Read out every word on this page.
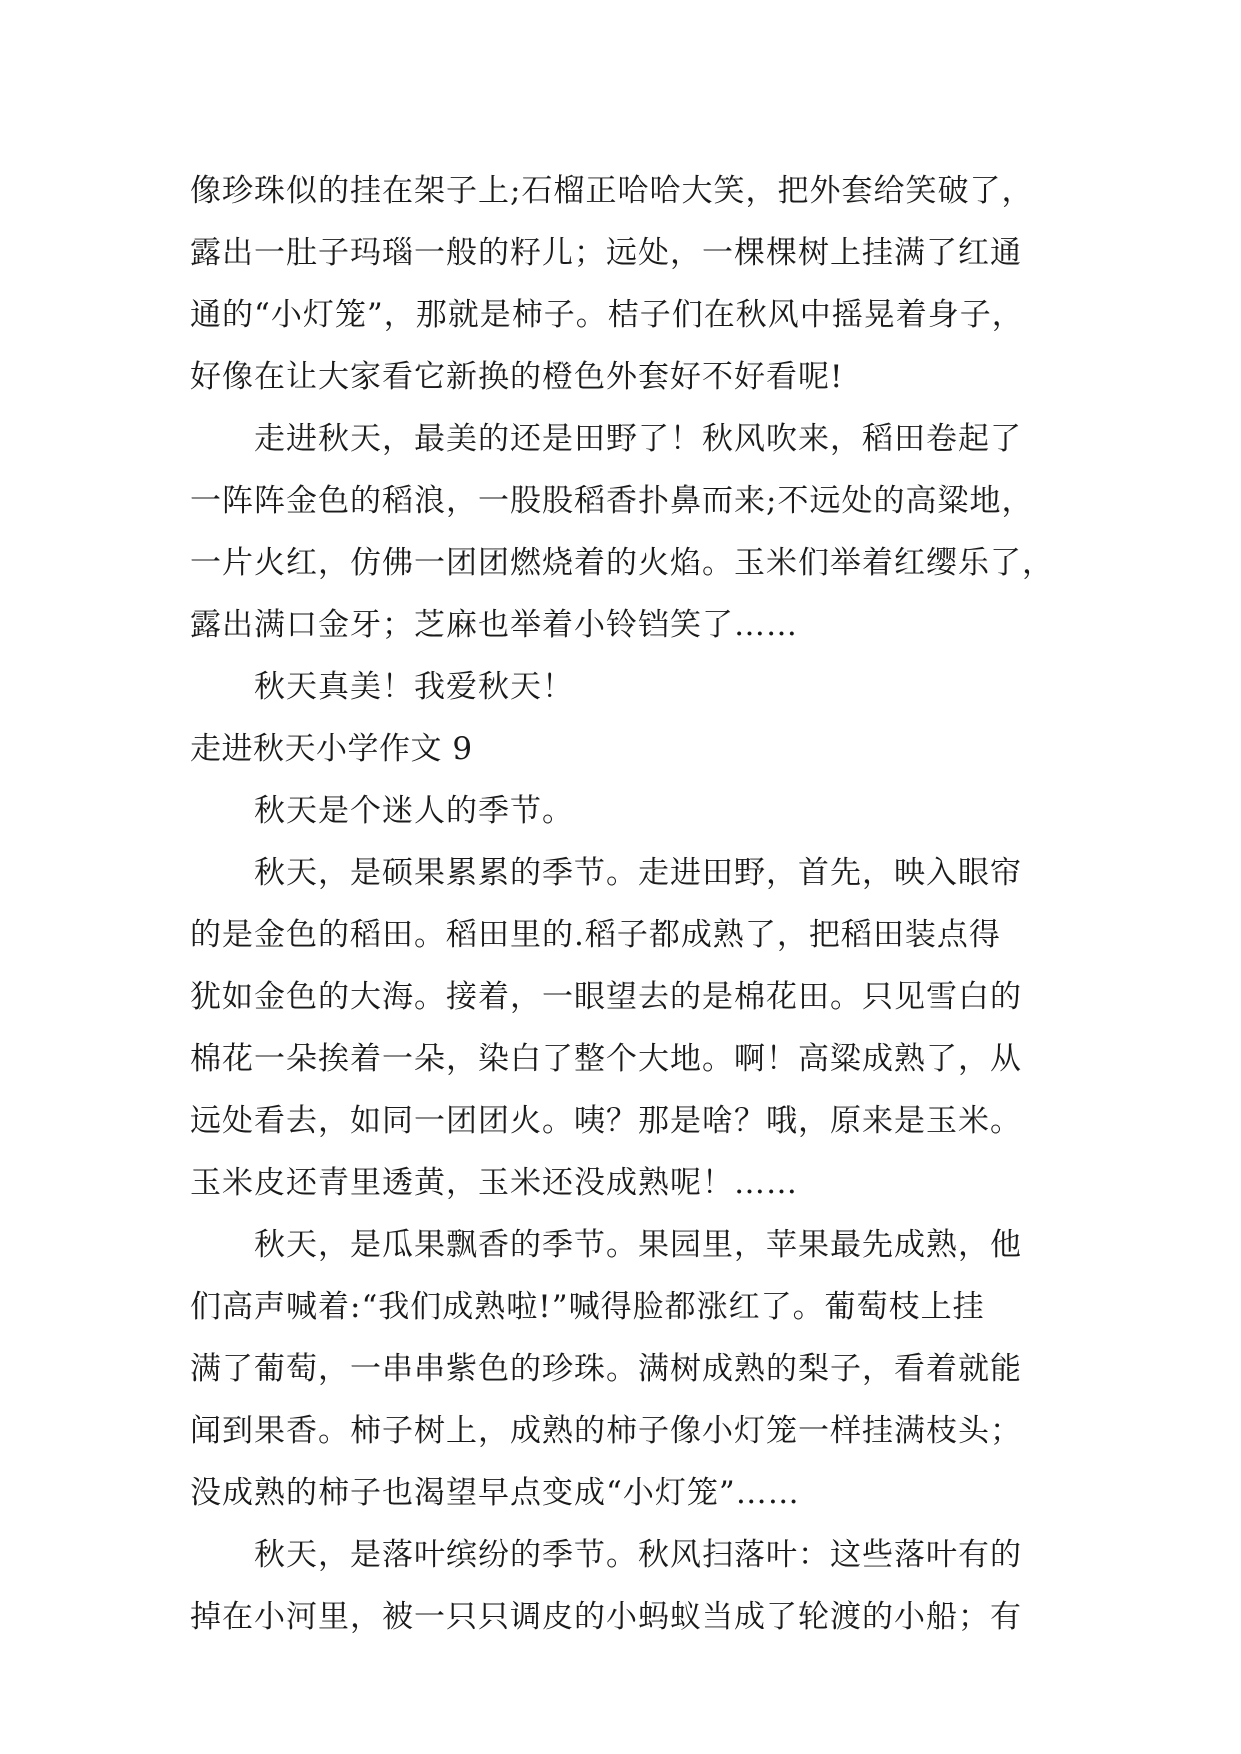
像珍珠似的挂在架子上;石榴正哈哈大笑，把外套给笑破了，
露出一肚子玛瑙一般的籽儿；远处，一棵棵树上挂满了红通
通的“小灯笼”，那就是柿子。桔子们在秋风中摇晃着身子，
好像在让大家看它新换的橙色外套好不好看呢!
走进秋天，最美的还是田野了！秋风吹来，稻田卷起了
一阵阵金色的稻浪，一股股稻香扑鼻而来;不远处的高粱地，
一片火红，仿佛一团团燃烧着的火焰。玉米们举着红缨乐了，
露出满口金牙；芝麻也举着小铃铛笑了……
秋天真美！我爱秋天！
走进秋天小学作文 9
秋天是个迷人的季节。
秋天，是硕果累累的季节。走进田野，首先，映入眼帘
的是金色的稻田。稻田里的.稻子都成熟了，把稻田装点得
犹如金色的大海。接着，一眼望去的是棉花田。只见雪白的
棉花一朵挨着一朵，染白了整个大地。啊！高粱成熟了，从
远处看去，如同一团团火。咦？那是啥？哦，原来是玉米。
玉米皮还青里透黄，玉米还没成熟呢！……
秋天，是瓜果飘香的季节。果园里，苹果最先成熟，他
们高声喊着:“我们成熟啦!”喊得脸都涨红了。葡萄枝上挂
满了葡萄，一串串紫色的珍珠。满树成熟的梨子，看着就能
闻到果香。柿子树上，成熟的柿子像小灯笼一样挂满枝头；
没成熟的柿子也渴望早点变成“小灯笼”……
秋天，是落叶缤纷的季节。秋风扫落叶：这些落叶有的
掉在小河里，被一只只调皮的小蚂蚁当成了轮渡的小船；有
